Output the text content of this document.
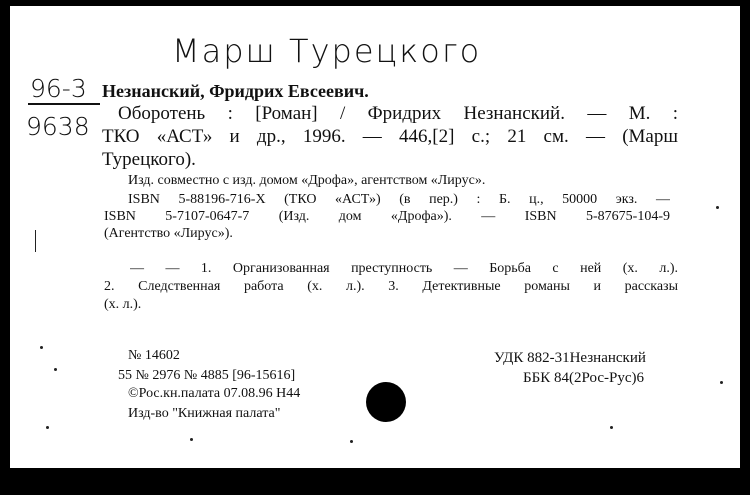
Марш Турецкого
96-3
9638
Незнанский, Фридрих Евсеевич.
Оборотень : [Роман] / Фридрих Незнанский. — М. :
ТКО «АСТ» и др., 1996. — 446,[2] с.; 21 см. — (Марш
Турецкого).
Изд. совместно с изд. домом «Дрофа», агентством «Лирус».
ISBN 5-88196-716-X (ТКО «АСТ») (в пер.) : Б. ц., 50000 экз. —
ISBN 5-7107-0647-7 (Изд. дом «Дрофа»). — ISBN 5-87675-104-9
(Агентство «Лирус»).
— — 1. Организованная преступность — Борьба с ней (х. л.).
2. Следственная работа (х. л.). 3. Детективные романы и рассказы
(х. л.).
№ 14602
55 № 2976 № 4885 [96-15616]
©Рос.кн.палата 07.08.96 Н44
Изд-во "Книжная палата"
УДК 882-31Незнанский
ББК 84(2Рос-Рус)6
